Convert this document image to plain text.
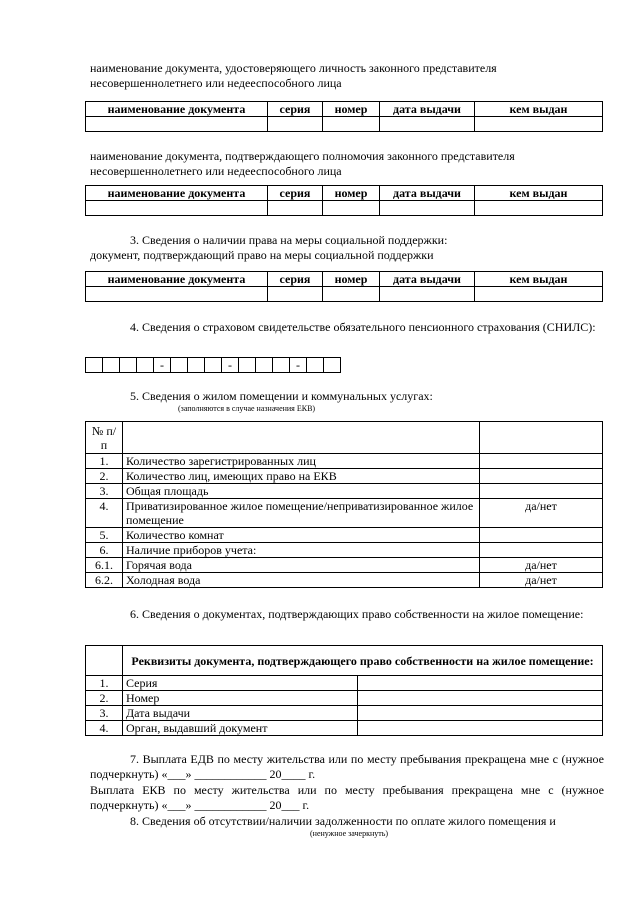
наименование документа, удостоверяющего личность законного представителя несовершеннолетнего или недееспособного лица
наименование документа	серия	номер	дата выдачи	кем выдан

наименование документа, подтверждающего полномочия законного представителя несовершеннолетнего или недееспособного лица
наименование документа	серия	номер	дата выдачи	кем выдан

3. Сведения о наличии права на меры социальной поддержки:
документ, подтверждающий право на меры социальной поддержки
наименование документа	серия	номер	дата выдачи	кем выдан

4. Сведения о страховом свидетельстве обязательного пенсионного страхования (СНИЛС):
				-				-				-		
5. Сведения о жилом помещении и коммунальных услугах:
(заполняются в случае назначения ЕКВ)
№ п/п		
1.	Количество зарегистрированных лиц	
2.	Количество лиц, имеющих право на ЕКВ	
3.	Общая площадь	
4.	Приватизированное жилое помещение/неприватизированное жилое помещение	да/нет
5.	Количество комнат	
6.	Наличие приборов учета:	
6.1.	Горячая вода	да/нет
6.2.	Холодная вода	да/нет
6. Сведения о документах, подтверждающих право собственности на жилое помещение:
	Реквизиты документа, подтверждающего право собственности на жилое помещение:	
1.	Серия	
2.	Номер	
3.	Дата выдачи	
4.	Орган, выдавший документ	
7. Выплата ЕДВ по месту жительства или по месту пребывания прекращена мне с (нужное подчеркнуть) «___» ____________ 20____ г.
Выплата ЕКВ по месту жительства или по месту пребывания прекращена мне с (нужное подчеркнуть) «___» ____________ 20___ г.
8. Сведения об отсутствии/наличии задолженности по оплате жилого помещения и
(ненужное зачеркнуть)
